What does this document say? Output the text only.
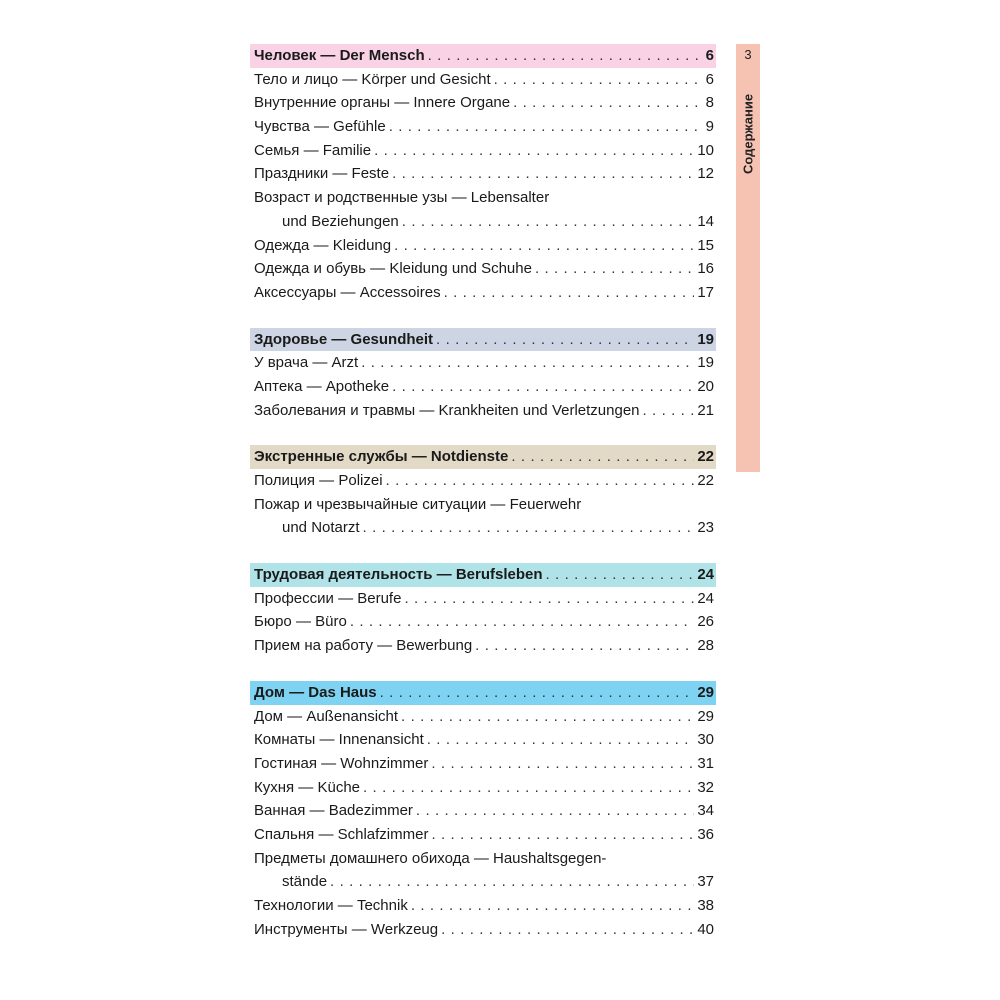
Человек — Der Mensch . . .	6
Тело и лицо — Körper und Gesicht . . .	6
Внутренние органы — Innere Organe . . .	8
Чувства — Gefühle . . .	9
Семья — Familie . . .	10
Праздники — Feste . . .	12
Возраст и родственные узы — Lebensalter
und Beziehungen . . .	14
Одежда — Kleidung . . .	15
Одежда и обувь — Kleidung und Schuhe . . .	16
Аксессуары — Accessoires . . .	17
Здоровье — Gesundheit . . .	19
У врача — Arzt . . .	19
Аптека — Apotheke . . .	20
Заболевания и травмы — Krankheiten und Verletzungen . . .	21
Экстренные службы — Notdienste . . .	22
Полиция — Polizei . . .	22
Пожар и чрезвычайные ситуации — Feuerwehr
und Notarzt . . .	23
Трудовая деятельность — Berufsleben . . .	24
Профессии — Berufe . . .	24
Бюро — Büro . . .	26
Прием на работу — Bewerbung . . .	28
Дом — Das Haus . . .	29
Дом — Außenansicht . . .	29
Комнаты — Innenansicht . . .	30
Гостиная — Wohnzimmer . . .	31
Кухня — Küche . . .	32
Ванная — Badezimmer . . .	34
Спальня — Schlafzimmer . . .	36
Предметы домашнего обихода — Haushaltsgegen-
stände . . .	37
Технологии — Technik . . .	38
Инструменты — Werkzeug . . .	40
3
Содержание
